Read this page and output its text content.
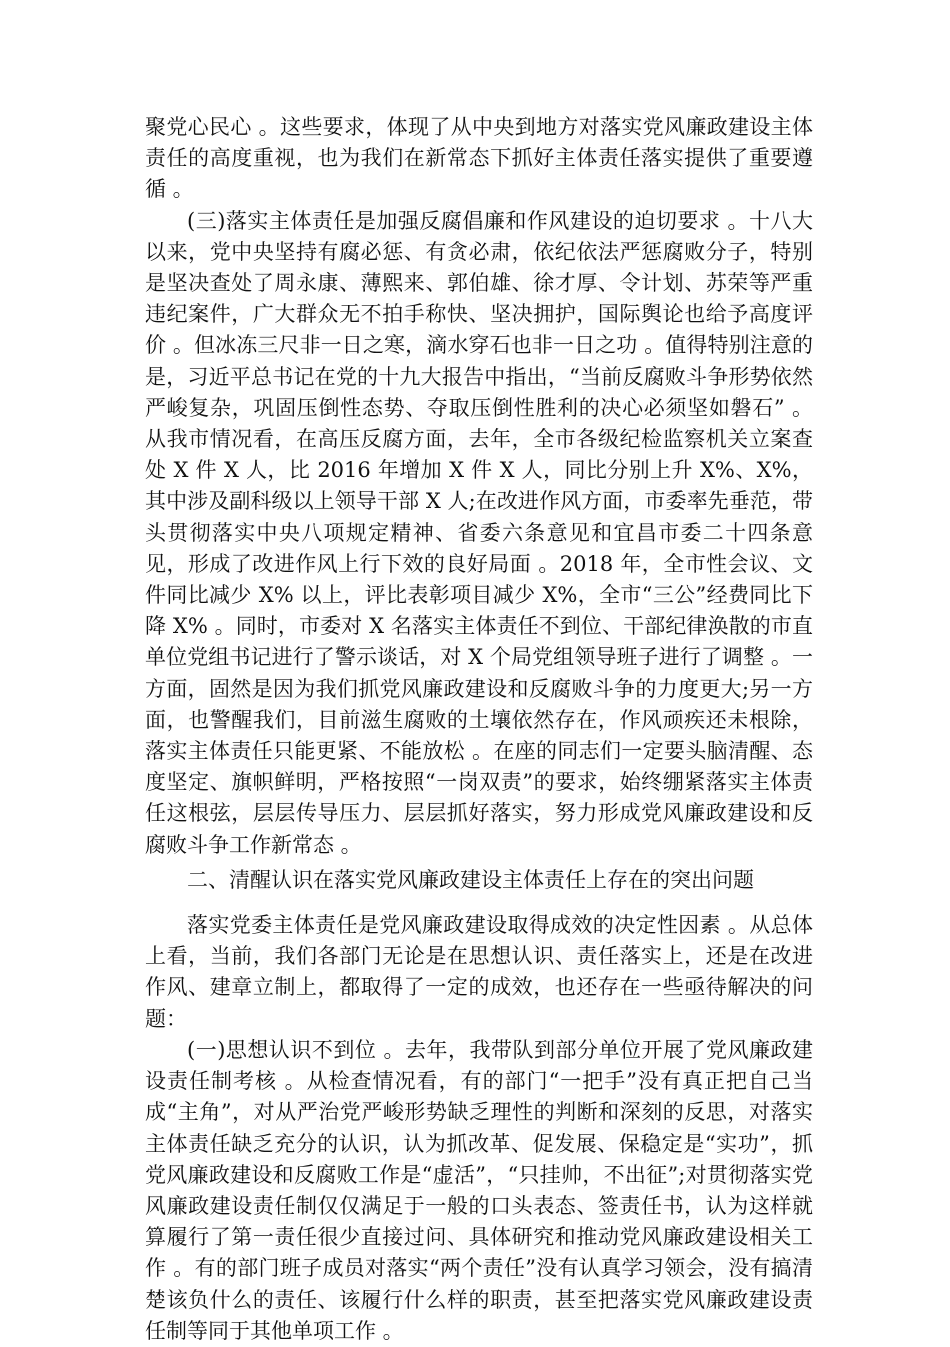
聚党心民心 。这些要求，体现了从中央到地方对落实党风廉政建设主体责任的高度重视，也为我们在新常态下抓好主体责任落实提供了重要遵循 。

(三)落实主体责任是加强反腐倡廉和作风建设的迫切要求 。十八大以来，党中央坚持有腐必惩、有贪必肃，依纪依法严惩腐败分子，特别是坚决查处了周永康、薄熙来、郭伯雄、徐才厚、令计划、苏荣等严重违纪案件，广大群众无不拍手称快、坚决拥护，国际舆论也给予高度评价 。但冰冻三尺非一日之寒，滴水穿石也非一日之功 。值得特别注意的是，习近平总书记在党的十九大报告中指出，“当前反腐败斗争形势依然严峻复杂，巩固压倒性态势、夺取压倒性胜利的决心必须坚如磐石” 。从我市情况看，在高压反腐方面，去年，全市各级纪检监察机关立案查处 X 件 X 人，比 2016 年增加 X 件 X 人，同比分别上升 X%、X%，其中涉及副科级以上领导干部 X 人;在改进作风方面，市委率先垂范，带头贯彻落实中央八项规定精神、省委六条意见和宜昌市委二十四条意见，形成了改进作风上行下效的良好局面 。2018 年，全市性会议、文件同比减少 X% 以上，评比表彰项目减少 X%，全市“三公”经费同比下降 X% 。同时，市委对 X 名落实主体责任不到位、干部纪律涣散的市直单位党组书记进行了警示谈话，对 X 个局党组领导班子进行了调整 。一方面，固然是因为我们抓党风廉政建设和反腐败斗争的力度更大;另一方面，也警醒我们，目前滋生腐败的土壤依然存在，作风顽疾还未根除，落实主体责任只能更紧、不能放松 。在座的同志们一定要头脑清醒、态度坚定、旗帜鲜明，严格按照“一岗双责”的要求，始终绷紧落实主体责任这根弦，层层传导压力、层层抓好落实，努力形成党风廉政建设和反腐败斗争工作新常态 。

二、清醒认识在落实党风廉政建设主体责任上存在的突出问题

落实党委主体责任是党风廉政建设取得成效的决定性因素 。从总体上看，当前，我们各部门无论是在思想认识、责任落实上，还是在改进作风、建章立制上，都取得了一定的成效，也还存在一些亟待解决的问题：

(一)思想认识不到位 。去年，我带队到部分单位开展了党风廉政建设责任制考核 。从检查情况看，有的部门“一把手”没有真正把自己当成“主角”，对从严治党严峻形势缺乏理性的判断和深刻的反思，对落实主体责任缺乏充分的认识，认为抓改革、促发展、保稳定是“实功”，抓党风廉政建设和反腐败工作是“虚活”，“只挂帅，不出征”;对贯彻落实党风廉政建设责任制仅仅满足于一般的口头表态、签责任书，认为这样就算履行了第一责任很少直接过问、具体研究和推动党风廉政建设相关工作 。有的部门班子成员对落实“两个责任”没有认真学习领会，没有搞清楚该负什么的责任、该履行什么样的职责，甚至把落实党风廉政建设责任制等同于其他单项工作 。
